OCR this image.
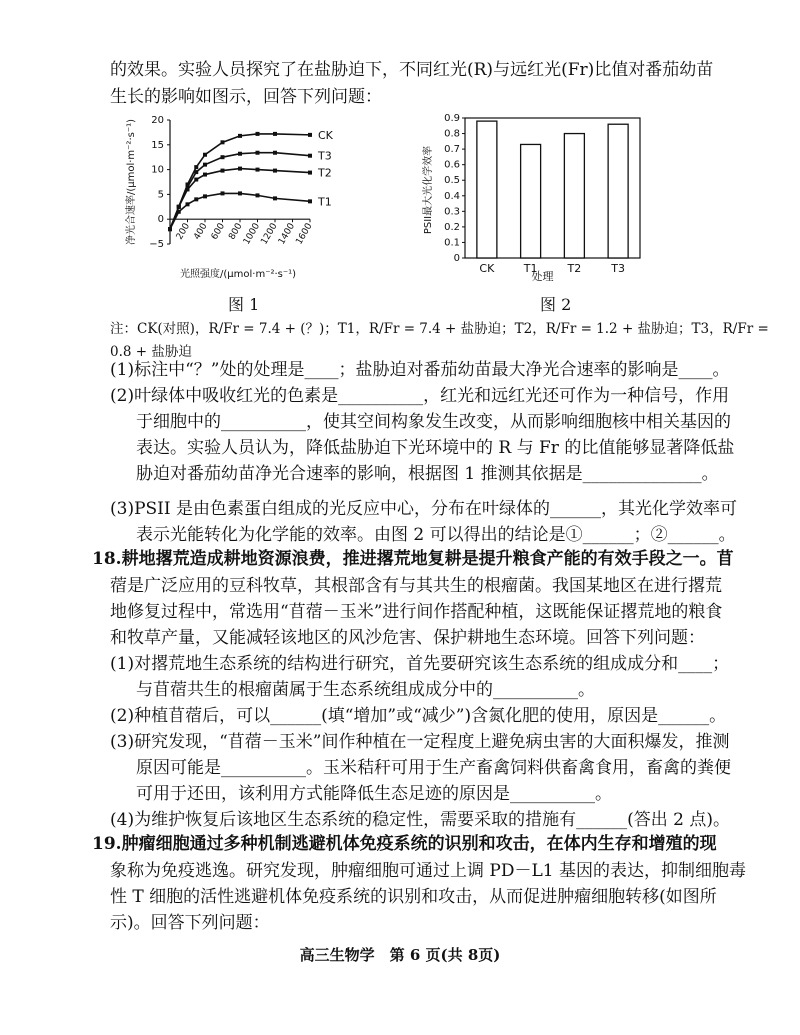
的效果。实验人员探究了在盐胁迫下，不同红光(R)与远红光(Fr)比值对番茄幼苗
生长的影响如图示，回答下列问题：
20
15
10
5
0
−5
200 400 600 800
1000
1200
1400
1600
净光合速率/(μmol·m⁻²·s⁻¹)
光照强度/(μmol·m⁻²·s⁻¹)
CK
T3
T2
T1
图 1
0.9
0.8
0.7
0.6
0.5
0.4
0.3
0.2
0.1
0
CK	T1	T2	T3
PSII最大光化学效率
处理
图 2
注：CK(对照)，R/Fr = 7.4 + (？)；T1，R/Fr = 7.4 + 盐胁迫；T2，R/Fr = 1.2 + 盐胁迫；T3，R/Fr =
0.8 + 盐胁迫
(1)标注中“？”处的处理是____；盐胁迫对番茄幼苗最大净光合速率的影响是____。
(2)叶绿体中吸收红光的色素是__________，红光和远红光还可作为一种信号，作用
于细胞中的__________，使其空间构象发生改变，从而影响细胞核中相关基因的
表达。实验人员认为，降低盐胁迫下光环境中的 R 与 Fr 的比值能够显著降低盐
胁迫对番茄幼苗净光合速率的影响，根据图 1 推测其依据是______________。
(3)PSII 是由色素蛋白组成的光反应中心，分布在叶绿体的______，其光化学效率可
表示光能转化为化学能的效率。由图 2 可以得出的结论是①______；②______。
18.耕地撂荒造成耕地资源浪费，推进撂荒地复耕是提升粮食产能的有效手段之一。苜
蓿是广泛应用的豆科牧草，其根部含有与其共生的根瘤菌。我国某地区在进行撂荒
地修复过程中，常选用“苜蓿－玉米”进行间作搭配种植，这既能保证撂荒地的粮食
和牧草产量，又能减轻该地区的风沙危害、保护耕地生态环境。回答下列问题：
(1)对撂荒地生态系统的结构进行研究，首先要研究该生态系统的组成成分和____；
与苜蓿共生的根瘤菌属于生态系统组成成分中的__________。
(2)种植苜蓿后，可以______(填“增加”或“减少”)含氮化肥的使用，原因是______。
(3)研究发现，“苜蓿－玉米”间作种植在一定程度上避免病虫害的大面积爆发，推测
原因可能是__________。玉米秸秆可用于生产畜禽饲料供畜禽食用，畜禽的粪便
可用于还田，该利用方式能降低生态足迹的原因是__________。
(4)为维护恢复后该地区生态系统的稳定性，需要采取的措施有______(答出 2 点)。
19.肿瘤细胞通过多种机制逃避机体免疫系统的识别和攻击，在体内生存和增殖的现
象称为免疫逃逸。研究发现，肿瘤细胞可通过上调 PD－L1 基因的表达，抑制细胞毒
性 T 细胞的活性逃避机体免疫系统的识别和攻击，从而促进肿瘤细胞转移(如图所
示)。回答下列问题：
高三生物学　第 6 页(共 8页)
